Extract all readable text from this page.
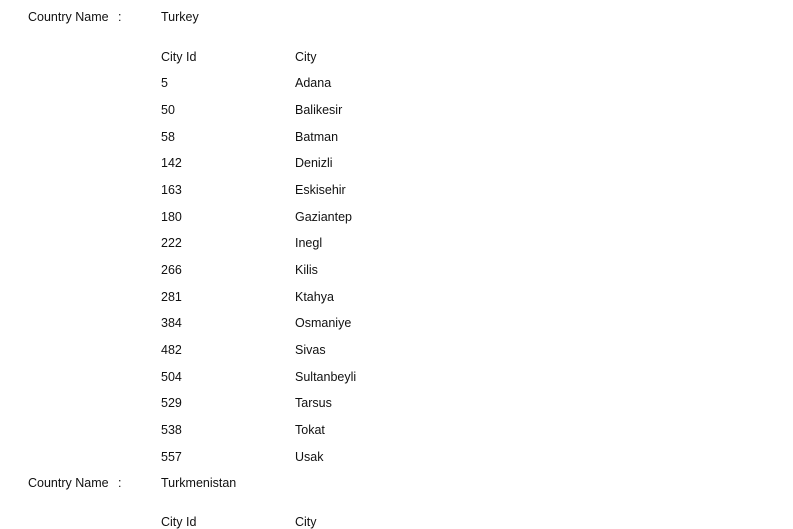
Country Name :	Turkey
City Id	City
5	Adana
50	Balikesir
58	Batman
142	Denizli
163	Eskisehir
180	Gaziantep
222	Inegl
266	Kilis
281	Ktahya
384	Osmaniye
482	Sivas
504	Sultanbeyli
529	Tarsus
538	Tokat
557	Usak
Country Name :	Turkmenistan
City Id	City
